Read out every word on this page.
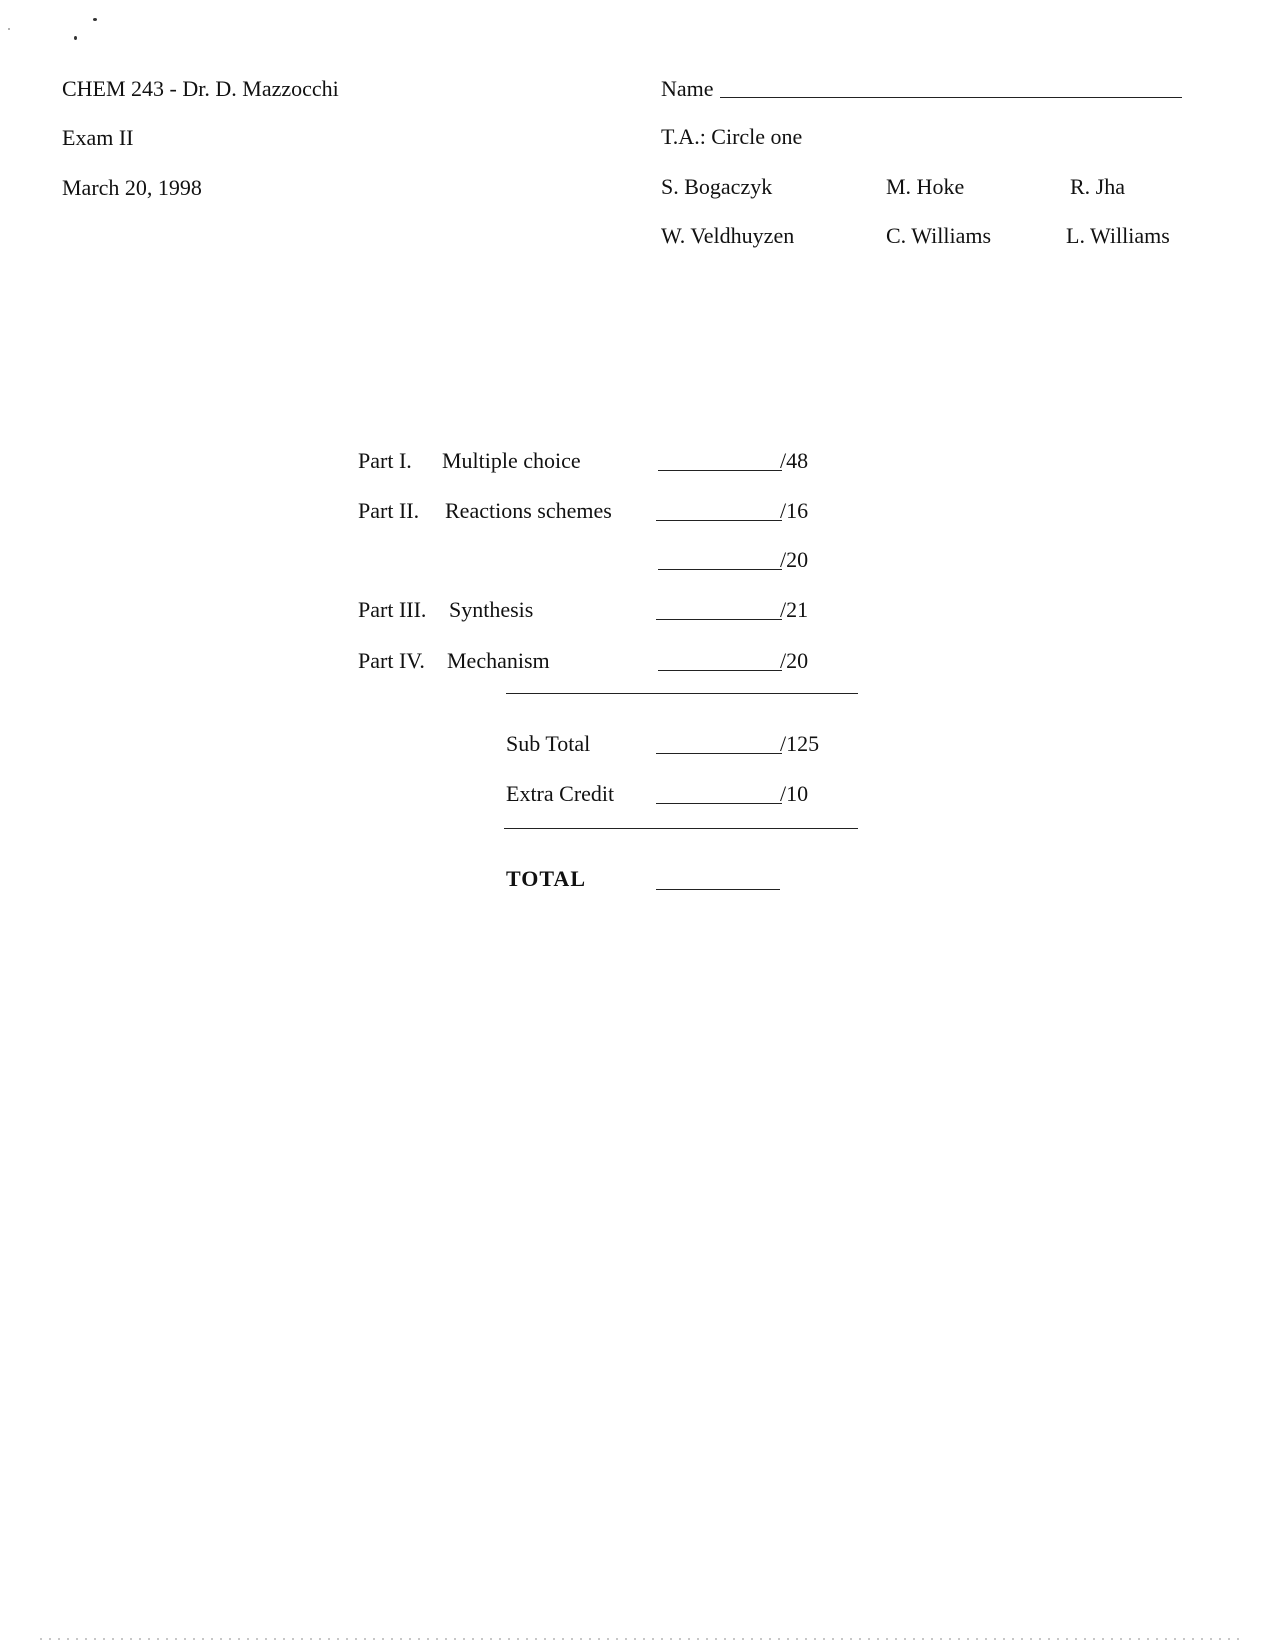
CHEM 243 - Dr. D. Mazzocchi
Exam II
March 20, 1998
Name
T.A.: Circle one
S. Bogaczyk	M. Hoke	R. Jha
W. Veldhuyzen	C. Williams	L. Williams
Part I. Multiple choice	/48
Part II. Reactions schemes	/16
/20
Part III. Synthesis	/21
Part IV. Mechanism	/20
Sub Total	/125
Extra Credit	/10
TOTAL
